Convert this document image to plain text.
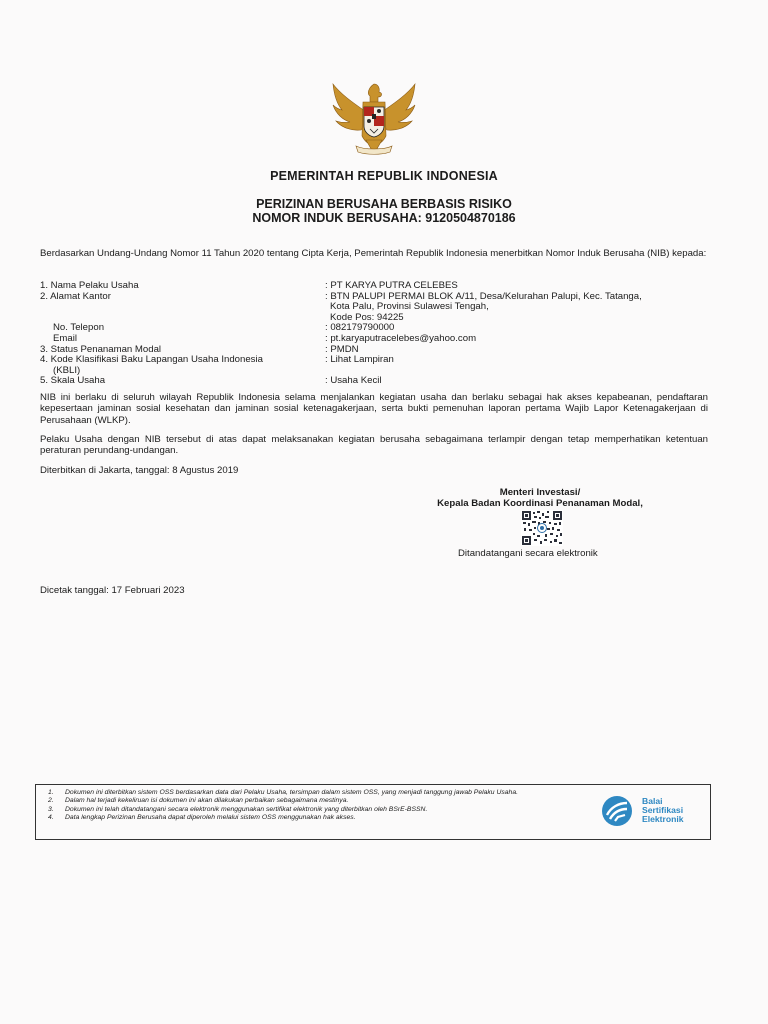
PEMERINTAH REPUBLIK INDONESIA
PERIZINAN BERUSAHA BERBASIS RISIKO
NOMOR INDUK BERUSAHA: 9120504870186
Berdasarkan Undang-Undang Nomor 11 Tahun 2020 tentang Cipta Kerja, Pemerintah Republik Indonesia menerbitkan Nomor Induk Berusaha (NIB) kepada:
1. Nama Pelaku Usaha	: PT KARYA PUTRA CELEBES
2. Alamat Kantor	: BTN PALUPI PERMAI BLOK A/11, Desa/Kelurahan Palupi, Kec. Tatanga,
Kota Palu, Provinsi Sulawesi Tengah,
Kode Pos: 94225
No. Telepon	: 082179790000
Email	: pt.karyaputracelebes@yahoo.com
3. Status Penanaman Modal	: PMDN
4. Kode Klasifikasi Baku Lapangan Usaha Indonesia
(KBLI)
: Lihat Lampiran
5. Skala Usaha	: Usaha Kecil
NIB ini berlaku di seluruh wilayah Republik Indonesia selama menjalankan kegiatan usaha dan berlaku sebagai hak akses kepabeanan, pendaftaran kepesertaan jaminan sosial kesehatan dan jaminan sosial ketenagakerjaan, serta bukti pemenuhan laporan pertama Wajib Lapor Ketenagakerjaan di Perusahaan (WLKP).
Pelaku Usaha dengan NIB tersebut di atas dapat melaksanakan kegiatan berusaha sebagaimana terlampir dengan tetap memperhatikan ketentuan peraturan perundang-undangan.
Diterbitkan di Jakarta, tanggal: 8 Agustus 2019
Menteri Investasi/
Kepala Badan Koordinasi Penanaman Modal,
Ditandatangani secara elektronik
Dicetak tanggal: 17 Februari 2023
1.	Dokumen ini diterbitkan sistem OSS berdasarkan data dari Pelaku Usaha, tersimpan dalam sistem OSS, yang menjadi tanggung jawab Pelaku Usaha.
2.	Dalam hal terjadi kekeliruan isi dokumen ini akan dilakukan perbaikan sebagaimana mestinya.
3.	Dokumen ini telah ditandatangani secara elektronik menggunakan sertifikat elektronik yang diterbitkan oleh BSrE-BSSN.
4.	Data lengkap Perizinan Berusaha dapat diperoleh melalui sistem OSS menggunakan hak akses.
Balai
Sertifikasi
Elektronik
